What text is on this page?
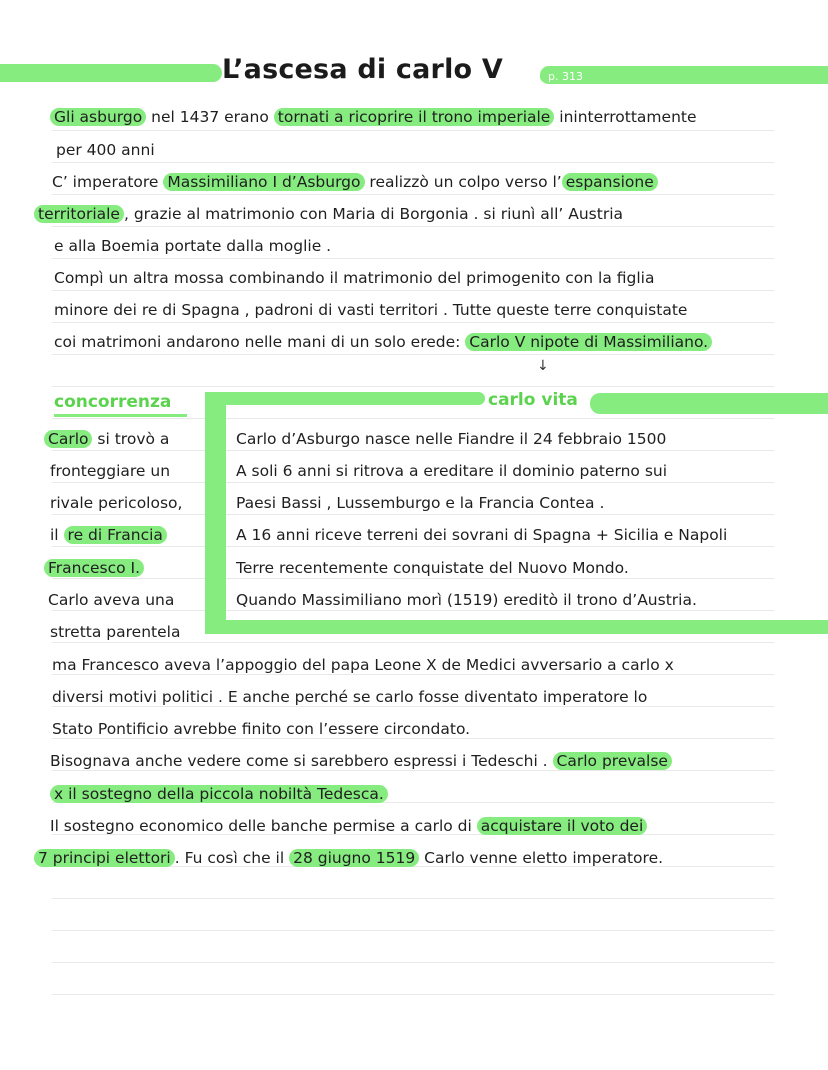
L’ascesa di carlo V	p. 313
Gli asburgo nel 1437 erano tornati a ricoprire il trono imperiale ininterrottamente
per 400 anni
C’ imperatore Massimiliano I d’Asburgo realizzò un colpo verso l’ espansione
territoriale , grazie al matrimonio con Maria di Borgonia . si riunì all’ Austria
e alla Boemia portate dalla moglie .
Compì un altra mossa combinando il matrimonio del primogenito con la figlia
minore dei re di Spagna , padroni di vasti territori . Tutte queste terre conquistate
coi matrimoni andarono nelle mani di un solo erede: Carlo V nipote di Massimiliano.
↓
concorrenza	carlo vita
Carlo si trovò a
fronteggiare un
rivale pericoloso,
il re di Francia
Francesco I.
Carlo aveva una
stretta parentela
Carlo d’Asburgo nasce nelle Fiandre il 24 febbraio 1500
A soli 6 anni si ritrova a ereditare il dominio paterno sui
Paesi Bassi , Lussemburgo e la Francia Contea .
A 16 anni riceve terreni dei sovrani di Spagna + Sicilia e Napoli
Terre recentemente conquistate del Nuovo Mondo.
Quando Massimiliano morì (1519) ereditò il trono d’Austria.
ma Francesco aveva l’appoggio del papa Leone X de Medici avversario a carlo x
diversi motivi politici . E anche perché se carlo fosse diventato imperatore lo
Stato Pontificio avrebbe finito con l’essere circondato.
Bisognava anche vedere come si sarebbero espressi i Tedeschi . Carlo prevalse
x il sostegno della piccola nobiltà Tedesca.
Il sostegno economico delle banche permise a carlo di acquistare il voto dei
7 principi elettori . Fu così che il 28 giugno 1519 Carlo venne eletto imperatore.
